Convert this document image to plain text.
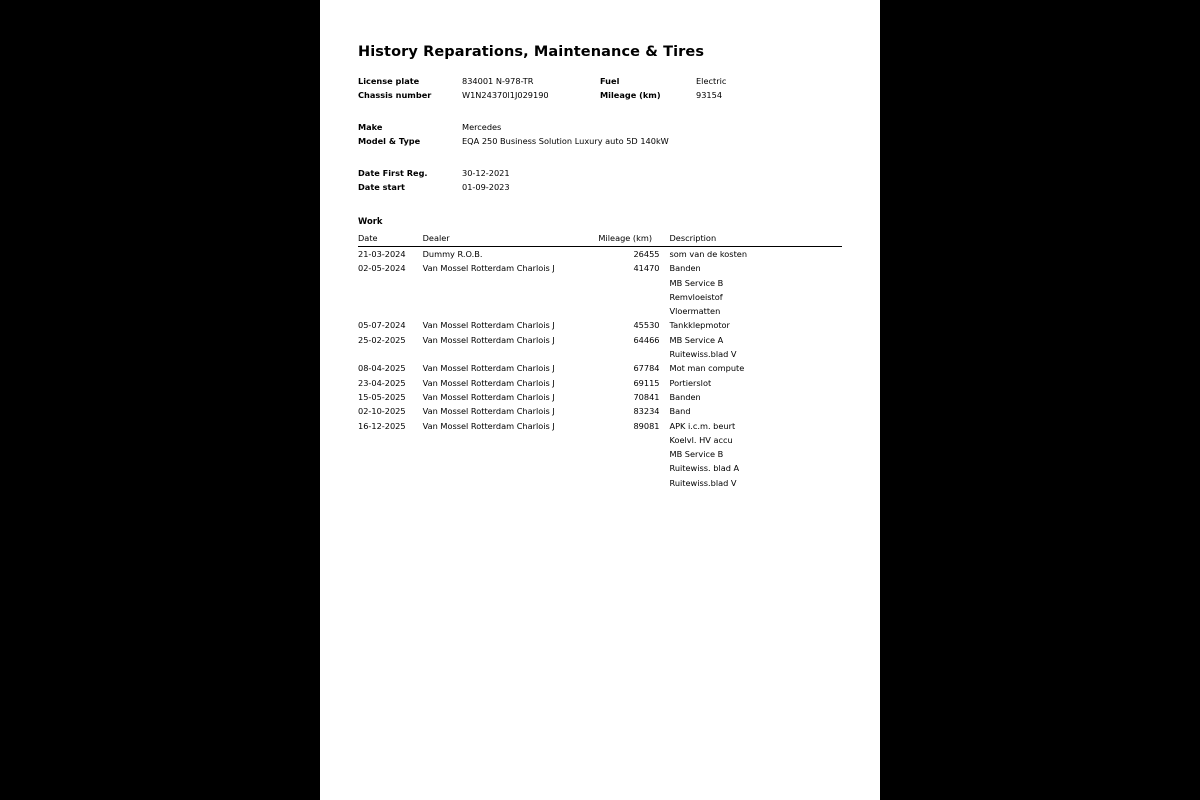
History Reparations, Maintenance & Tires
License plate	834001 N-978-TR	Fuel	Electric
Chassis number	W1N24370l1J029190	Mileage (km)	93154
Make	Mercedes
Model & Type	EQA 250 Business Solution Luxury auto 5D 140kW
Date First Reg.	30-12-2021
Date start	01-09-2023
Work
Date	Dealer	Mileage (km)	Description
21-03-2024	Dummy R.O.B.	26455	som van de kosten

02-05-2024	Van Mossel Rotterdam Charlois J	41470	Banden
MB Service B
Remvloeistof
Vloermatten

05-07-2024	Van Mossel Rotterdam Charlois J	45530	Tankklepmotor

25-02-2025	Van Mossel Rotterdam Charlois J	64466	MB Service A
Ruitewiss.blad V

08-04-2025	Van Mossel Rotterdam Charlois J	67784	Mot man compute

23-04-2025	Van Mossel Rotterdam Charlois J	69115	Portierslot

15-05-2025	Van Mossel Rotterdam Charlois J	70841	Banden

02-10-2025	Van Mossel Rotterdam Charlois J	83234	Band

16-12-2025	Van Mossel Rotterdam Charlois J	89081	APK i.c.m. beurt
Koelvl. HV accu
MB Service B
Ruitewiss. blad A
Ruitewiss.blad V
